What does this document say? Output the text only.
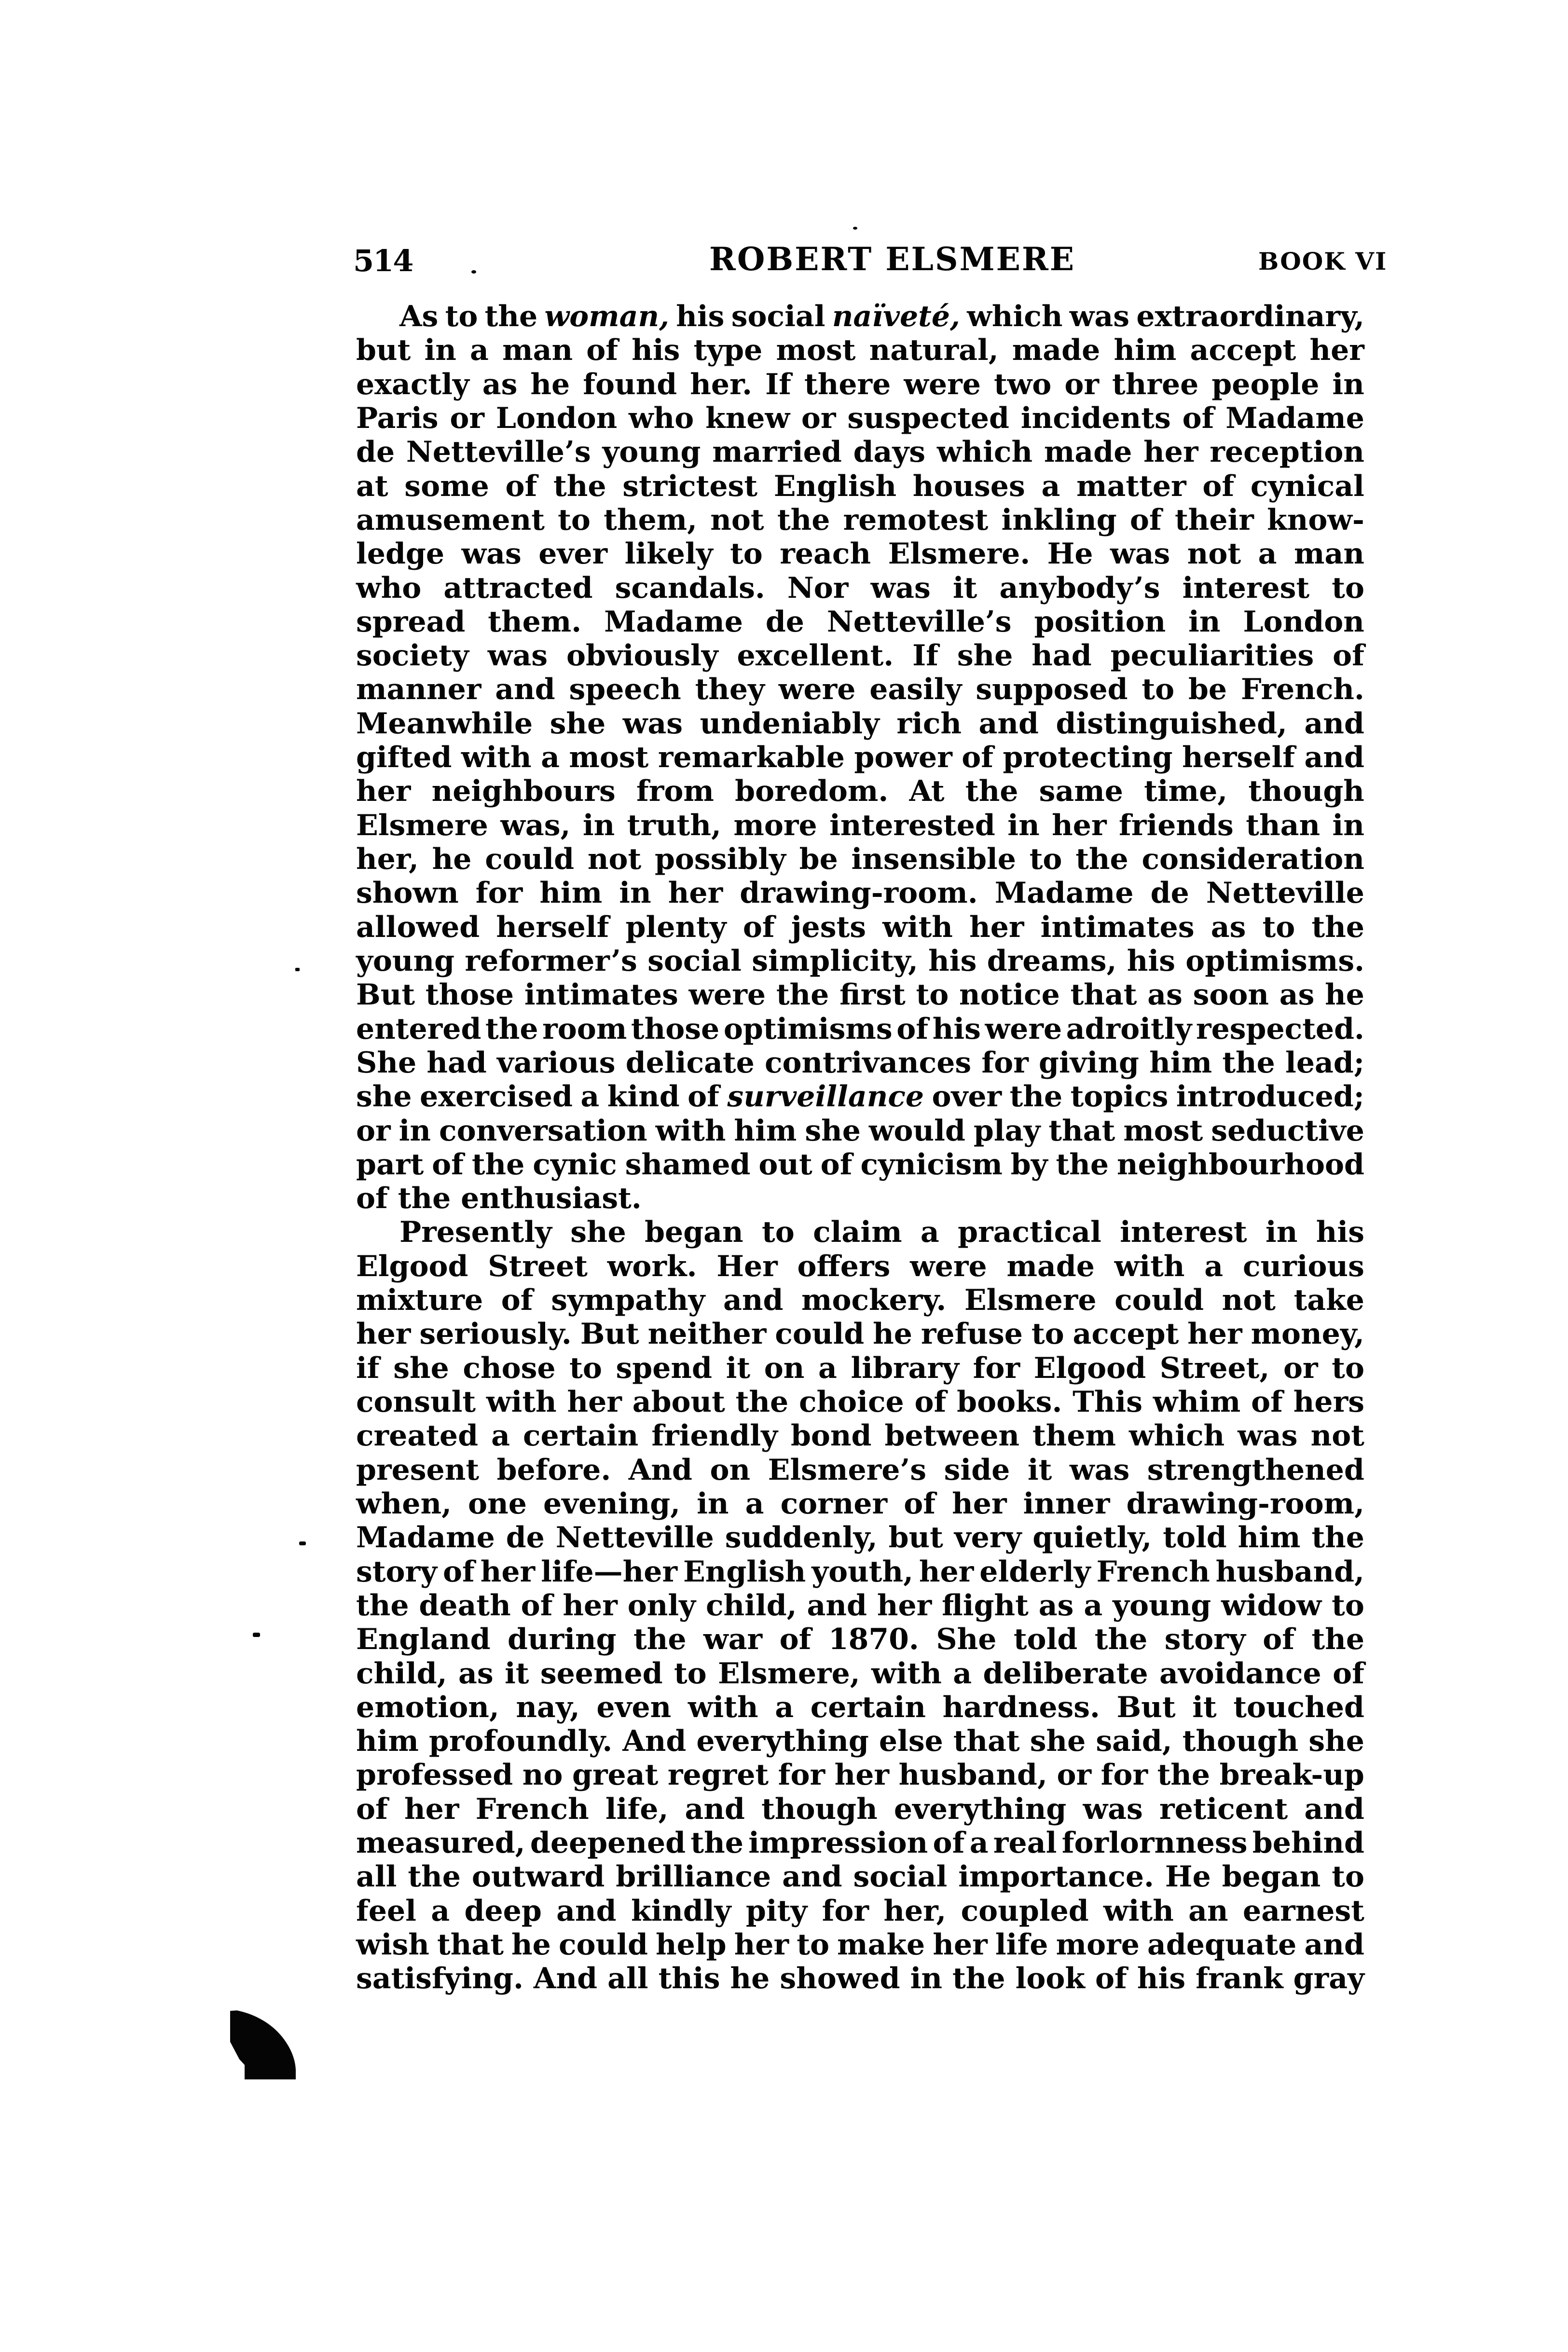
514	ROBERT ELSMERE	BOOK VI
As to the woman, his social naïveté, which was extraordinary,
but in a man of his type most natural, made him accept her
exactly as he found her. If there were two or three people in
Paris or London who knew or suspected incidents of Madame
de Netteville’s young married days which made her reception
at some of the strictest English houses a matter of cynical
amusement to them, not the remotest inkling of their know-
ledge was ever likely to reach Elsmere. He was not a man
who attracted scandals. Nor was it anybody’s interest to
spread them. Madame de Netteville’s position in London
society was obviously excellent. If she had peculiarities of
manner and speech they were easily supposed to be French.
Meanwhile she was undeniably rich and distinguished, and
gifted with a most remarkable power of protecting herself and
her neighbours from boredom. At the same time, though
Elsmere was, in truth, more interested in her friends than in
her, he could not possibly be insensible to the consideration
shown for him in her drawing-room. Madame de Netteville
allowed herself plenty of jests with her intimates as to the
young reformer’s social simplicity, his dreams, his optimisms.
But those intimates were the first to notice that as soon as he
entered the room those optimisms of his were adroitly respected.
She had various delicate contrivances for giving him the lead;
she exercised a kind of surveillance over the topics introduced;
or in conversation with him she would play that most seductive
part of the cynic shamed out of cynicism by the neighbourhood
of the enthusiast.
Presently she began to claim a practical interest in his
Elgood Street work. Her offers were made with a curious
mixture of sympathy and mockery. Elsmere could not take
her seriously. But neither could he refuse to accept her money,
if she chose to spend it on a library for Elgood Street, or to
consult with her about the choice of books. This whim of hers
created a certain friendly bond between them which was not
present before. And on Elsmere’s side it was strengthened
when, one evening, in a corner of her inner drawing-room,
Madame de Netteville suddenly, but very quietly, told him the
story of her life—her English youth, her elderly French husband,
the death of her only child, and her flight as a young widow to
England during the war of 1870. She told the story of the
child, as it seemed to Elsmere, with a deliberate avoidance of
emotion, nay, even with a certain hardness. But it touched
him profoundly. And everything else that she said, though she
professed no great regret for her husband, or for the break-up
of her French life, and though everything was reticent and
measured, deepened the impression of a real forlornness behind
all the outward brilliance and social importance. He began to
feel a deep and kindly pity for her, coupled with an earnest
wish that he could help her to make her life more adequate and
satisfying. And all this he showed in the look of his frank gray
